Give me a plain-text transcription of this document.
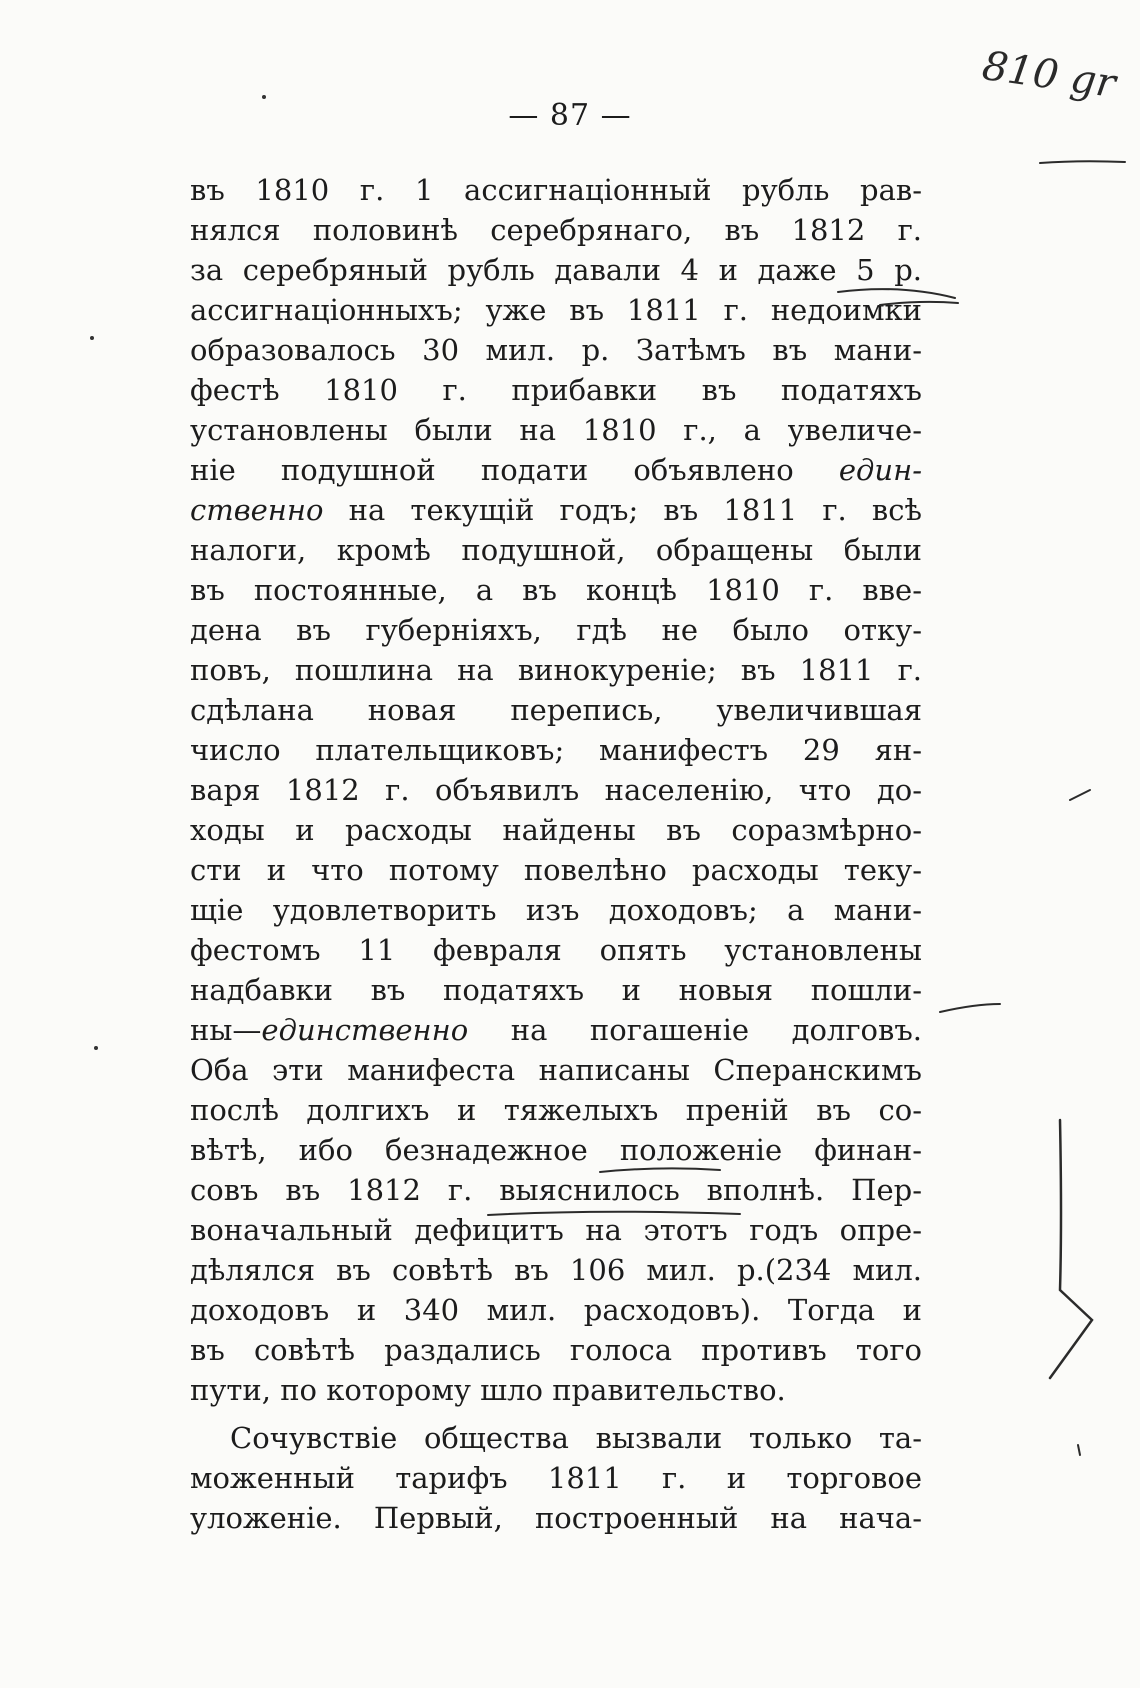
— 87 —
810 gr
въ 1810 г. 1 ассигнаціонный рубль рав-
нялся половинѣ серебрянаго, въ 1812 г.
за серебряный рубль давали 4 и даже 5 р.
ассигнаціонныхъ; уже въ 1811 г. недоимки
образовалось 30 мил. р. Затѣмъ въ мани-
фестѣ 1810 г. прибавки въ податяхъ
установлены были на 1810 г., а увеличе-
ніе подушной подати объявлено един-
ственно на текущій годъ; въ 1811 г. всѣ
налоги, кромѣ подушной, обращены были
въ постоянные, а въ концѣ 1810 г. вве-
дена въ губерніяхъ, гдѣ не было отку-
повъ, пошлина на винокуреніе; въ 1811 г.
сдѣлана новая перепись, увеличившая
число плательщиковъ; манифестъ 29 ян-
варя 1812 г. объявилъ населенію, что до-
ходы и расходы найдены въ соразмѣрно-
сти и что потому повелѣно расходы теку-
щіе удовлетворить изъ доходовъ; а мани-
фестомъ 11 февраля опять установлены
надбавки въ податяхъ и новыя пошли-
ны—единственно на погашеніе долговъ.
Оба эти манифеста написаны Сперанскимъ
послѣ долгихъ и тяжелыхъ преній въ со-
вѣтѣ, ибо безнадежное положеніе финан-
совъ въ 1812 г. выяснилось вполнѣ. Пер-
воначальный дефицитъ на этотъ годъ опре-
дѣлялся въ совѣтѣ въ 106 мил. р.(234 мил.
доходовъ и 340 мил. расходовъ). Тогда и
въ совѣтѣ раздались голоса противъ того
пути, по которому шло правительство.
Сочувствіе общества вызвали только та-
моженный тарифъ 1811 г. и торговое
уложеніе. Первый, построенный на нача-
